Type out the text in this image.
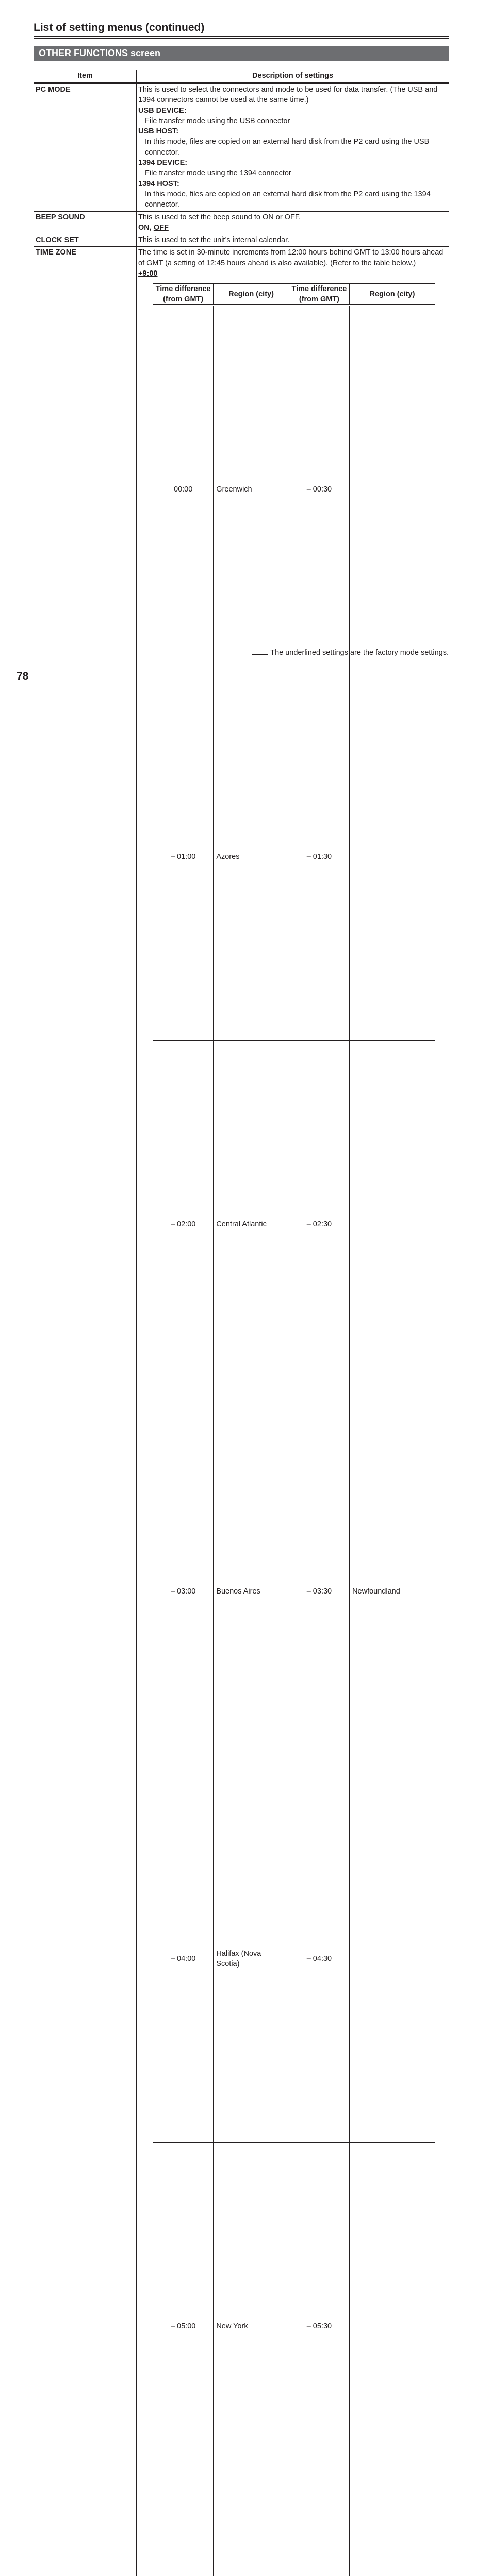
List of setting menus (continued)
OTHER FUNCTIONS screen
Item	Description of settings
PC MODE	This is used to select the connectors and mode to be used for data transfer. (The USB and 1394 connectors cannot be used at the same time.)
USB DEVICE:
File transfer mode using the USB connector
USB HOST:
In this mode, files are copied on an external hard disk from the P2 card using the USB connector.
1394 DEVICE:
File transfer mode using the 1394 connector
1394 HOST:
In this mode, files are copied on an external hard disk from the P2 card using the 1394 connector.

BEEP SOUND	This is used to set the beep sound to ON or OFF.
ON, OFF

CLOCK SET	This is used to set the unit’s internal calendar.
TIME ZONE	The time is set in 30-minute increments from 12:00 hours behind GMT to 13:00 hours ahead of GMT (a setting of 12:45 hours ahead is also available). (Refer to the table below.)
+9:00
Time difference (from GMT)	Region (city)	Time difference (from GMT)	Region (city)
00:00	Greenwich	– 00:30	
– 01:00	Azores	– 01:30	
– 02:00	Central Atlantic	– 02:30	
– 03:00	Buenos Aires	– 03:30	Newfoundland
– 04:00	Halifax (Nova Scotia)	– 04:30	
– 05:00	New York	– 05:30	

The underlined settings are the factory mode settings.
78
